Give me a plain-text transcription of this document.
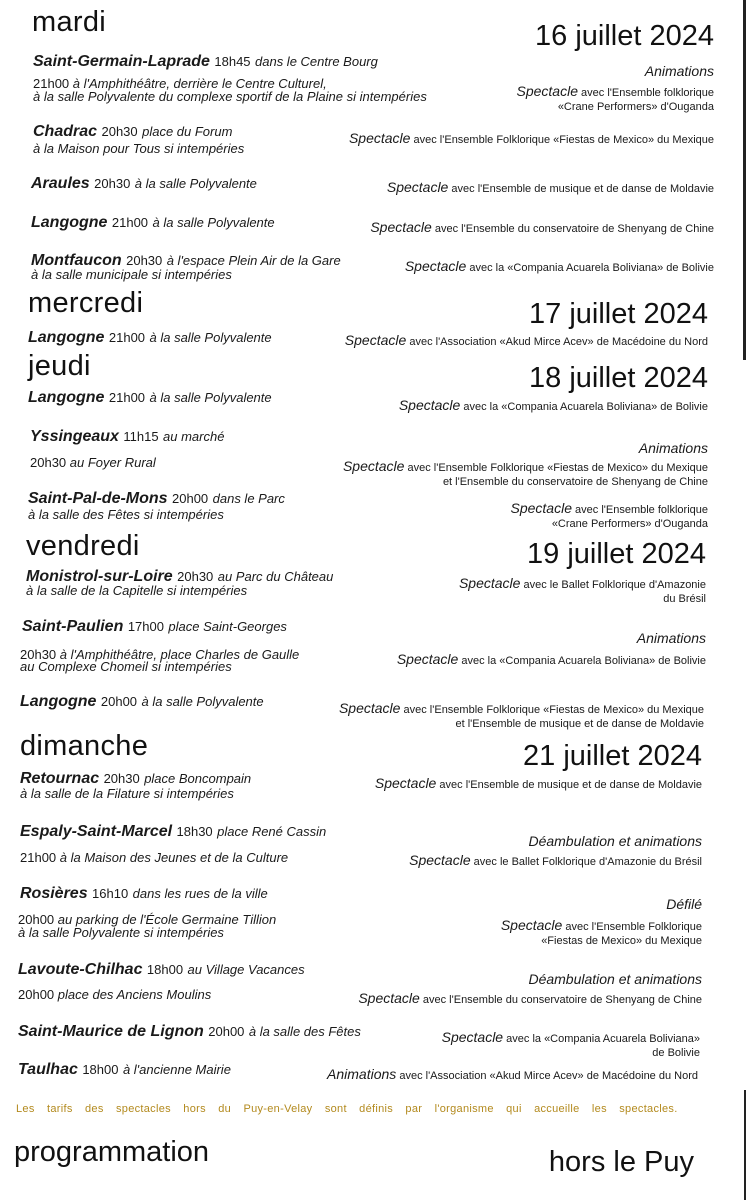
mardi	16 juillet 2024
Saint-Germain-Laprade 18h45 dans le Centre Bourg
Animations
21h00 à l'Amphithéâtre, derrière le Centre Culturel,
à la salle Polyvalente du complexe sportif de la Plaine si intempéries	Spectacle avec l'Ensemble folklorique
«Crane Performers» d'Ouganda
Chadrac 20h30 place du Forum
à la Maison pour Tous si intempéries
Spectacle avec l'Ensemble Folklorique «Fiestas de Mexico» du Mexique
Araules 20h30 à la salle Polyvalente	Spectacle avec l'Ensemble de musique et de danse de Moldavie
Langogne 21h00 à la salle Polyvalente	Spectacle avec l'Ensemble du conservatoire de Shenyang de Chine
Montfaucon 20h30 à l'espace Plein Air de la Gare
à la salle municipale si intempéries
Spectacle avec la «Compania Acuarela Boliviana» de Bolivie
mercredi	17 juillet 2024
Langogne 21h00 à la salle Polyvalente	Spectacle avec l'Association «Akud Mirce Acev» de Macédoine du Nord
jeudi	18 juillet 2024
Langogne 21h00 à la salle Polyvalente	Spectacle avec la «Compania Acuarela Boliviana» de Bolivie
Yssingeaux 11h15 au marché
Animations
20h30 au Foyer Rural	Spectacle avec l'Ensemble Folklorique «Fiestas de Mexico» du Mexique
et l'Ensemble du conservatoire de Shenyang de Chine
Saint-Pal-de-Mons 20h00 dans le Parc
à la salle des Fêtes si intempéries	Spectacle avec l'Ensemble folklorique
«Crane Performers» d'Ouganda
vendredi	19 juillet 2024
Monistrol-sur-Loire 20h30 au Parc du Château
à la salle de la Capitelle si intempéries	Spectacle avec le Ballet Folklorique d'Amazonie
du Brésil
Saint-Paulien 17h00 place Saint-Georges
Animations
20h30 à l'Amphithéâtre, place Charles de Gaulle
au Complexe Chomeil si intempéries	Spectacle avec la «Compania Acuarela Boliviana» de Bolivie
Langogne 20h00 à la salle Polyvalente	Spectacle avec l'Ensemble Folklorique «Fiestas de Mexico» du Mexique
et l'Ensemble de musique et de danse de Moldavie
dimanche	21 juillet 2024
Retournac 20h30 place Boncompain
à la salle de la Filature si intempéries
Spectacle avec l'Ensemble de musique et de danse de Moldavie
Espaly-Saint-Marcel 18h30 place René Cassin
Déambulation et animations
21h00 à la Maison des Jeunes et de la Culture	Spectacle avec le Ballet Folklorique d'Amazonie du Brésil
Rosières 16h10 dans les rues de la ville
Défilé
20h00 au parking de l'École Germaine Tillion
à la salle Polyvalente si intempéries	Spectacle avec l'Ensemble Folklorique
«Fiestas de Mexico» du Mexique
Lavoute-Chilhac 18h00 au Village Vacances
Déambulation et animations
20h00 place des Anciens Moulins	Spectacle avec l'Ensemble du conservatoire de Shenyang de Chine
Saint-Maurice de Lignon 20h00 à la salle des Fêtes	Spectacle avec la «Compania Acuarela Boliviana»
de Bolivie
Taulhac 18h00 à l'ancienne Mairie	Animations avec l'Association «Akud Mirce Acev» de Macédoine du Nord
Les tarifs des spectacles hors du Puy-en-Velay sont définis par l'organisme qui accueille les spectacles.
programmation	hors le Puy
